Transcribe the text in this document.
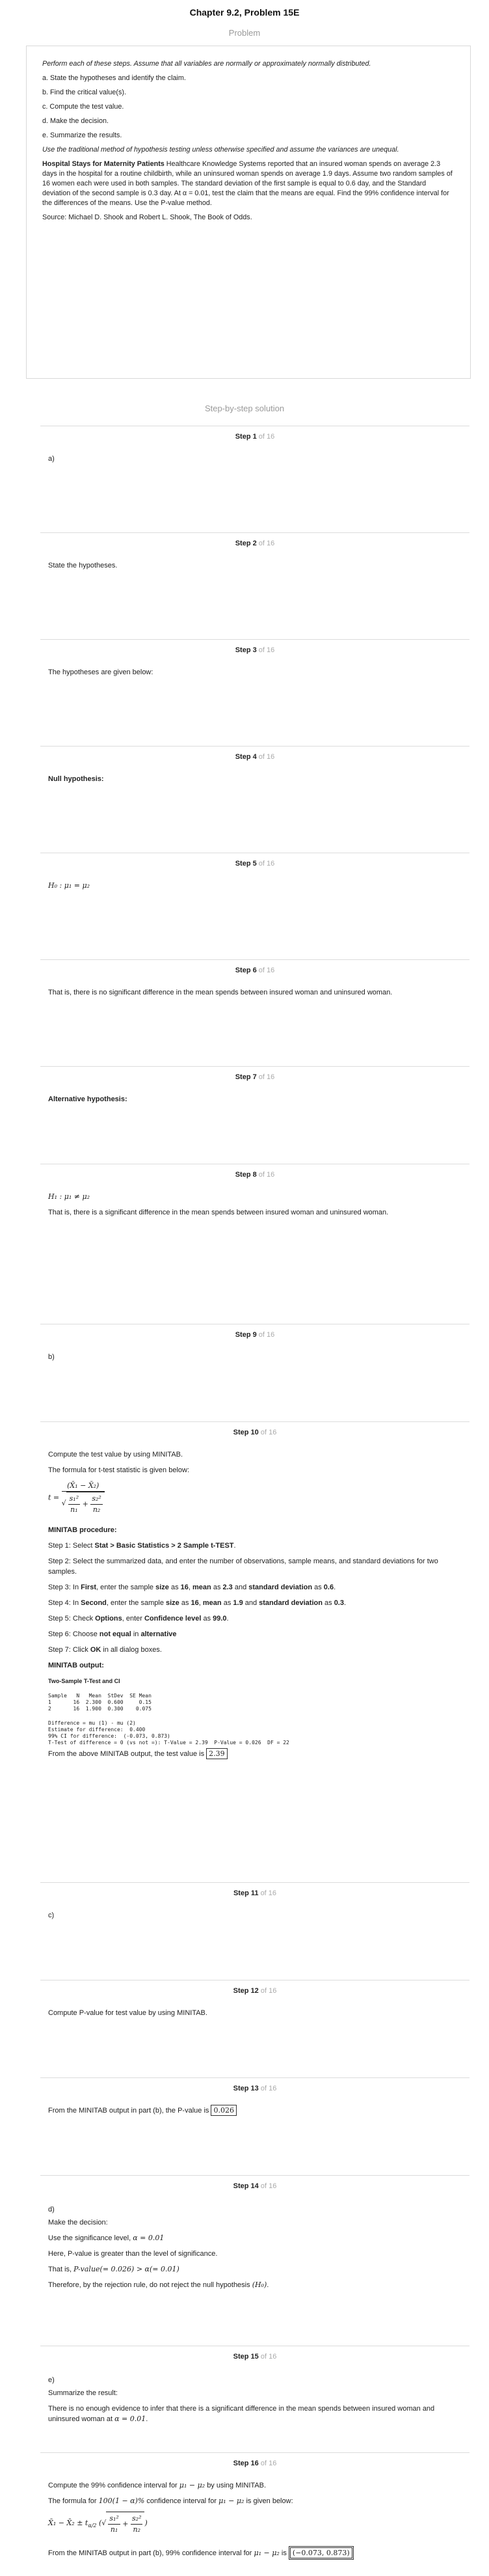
Chapter 9.2, Problem 15E
Problem

Perform each of these steps. Assume that all variables are normally or approximately normally distributed.

a. State the hypotheses and identify the claim.

b. Find the critical value(s).

c. Compute the test value.

d. Make the decision.

e. Summarize the results.

Use the traditional method of hypothesis testing unless otherwise specified and assume the variances are unequal.

Hospital Stays for Maternity Patients Healthcare Knowledge Systems reported that an insured woman spends on average 2.3 days in the hospital for a routine childbirth, while an uninsured woman spends on average 1.9 days. Assume two random samples of 16 women each were used in both samples. The standard deviation of the first sample is equal to 0.6 day, and the Standard deviation of the second sample is 0.3 day. At α = 0.01, test the claim that the means are equal. Find the 99% confidence interval for the differences of the means. Use the P-value method.

Source: Michael D. Shook and Robert L. Shook, The Book of Odds.

Step-by-step solution
Step 1 of 16

a)

Step 2 of 16

State the hypotheses.

Step 3 of 16

The hypotheses are given below:

Step 4 of 16

Null hypothesis:

Step 5 of 16

H₀ : μ₁ = μ₂

Step 6 of 16

That is, there is no significant difference in the mean spends between insured woman and uninsured woman.

Step 7 of 16

Alternative hypothesis:

Step 8 of 16

H₁ : μ₁ ≠ μ₂

That is, there is a significant difference in the mean spends between insured woman and uninsured woman.

Step 9 of 16

b)

Step 10 of 16

Compute the test value by using MINITAB.

The formula for t-test statistic is given below:

$t = \frac{\text{(X̄₁ − X̄₂)}}{√ \frac{\text{s₁²}}{\text{n₁}} + \frac{\text{s₂²}}{\text{n₂}}}$

MINITAB procedure:

Step 1: Select Stat > Basic Statistics > 2 Sample t-TEST.

Step 2: Select the summarized data, and enter the number of observations, sample means, and standard deviations for two samples.

Step 3: In First, enter the sample size as 16, mean as 2.3 and standard deviation as 0.6.

Step 4: In Second, enter the sample size as 16, mean as 1.9 and standard deviation as 0.3.

Step 5: Check Options, enter Confidence level as 99.0.

Step 6: Choose not equal in alternative

Step 7: Click OK in all dialog boxes.

MINITAB output:

Two-Sample T-Test and CI
Sample   N   Mean  StDev  SE Mean
1       16  2.300  0.600     0.15
2       16  1.900  0.300    0.075
Difference = mu (1) - mu (2)
Estimate for difference:  0.400
99% CI for difference:  (-0.073, 0.873)
T-Test of difference = 0 (vs not =): T-Value = 2.39  P-Value = 0.026  DF = 22

From the above MINITAB output, the test value is 2.39

Step 11 of 16

c)

Step 12 of 16

Compute P-value for test value by using MINITAB.

Step 13 of 16

From the MINITAB output in part (b), the P-value is 0.026

Step 14 of 16

d)

Make the decision:

Use the significance level, α = 0.01

Here, P-value is greater than the level of significance.

That is, P-value(= 0.026) > α(= 0.01)

Therefore, by the rejection rule, do not reject the null hypothesis (H₀).

Step 15 of 16

e)

Summarize the result:

There is no enough evidence to infer that there is a significant difference in the mean spends between insured woman and uninsured woman at α = 0.01.

Step 16 of 16

Compute the 99% confidence interval for μ₁ − μ₂ by using MINITAB.

The formula for 100(1 − α)% confidence interval for μ₁ − μ₂ is given below:

X̄₁ − X̄₂ ± $t_{\alpha/2}$ (√ $\frac{\text{s₁²}}{\text{n₁}} + \frac{\text{s₂²}}{\text{n₂}}$ )

From the MINITAB output in part (b), 99% confidence interval for μ₁ − μ₂ is (−0.073, 0.873)
